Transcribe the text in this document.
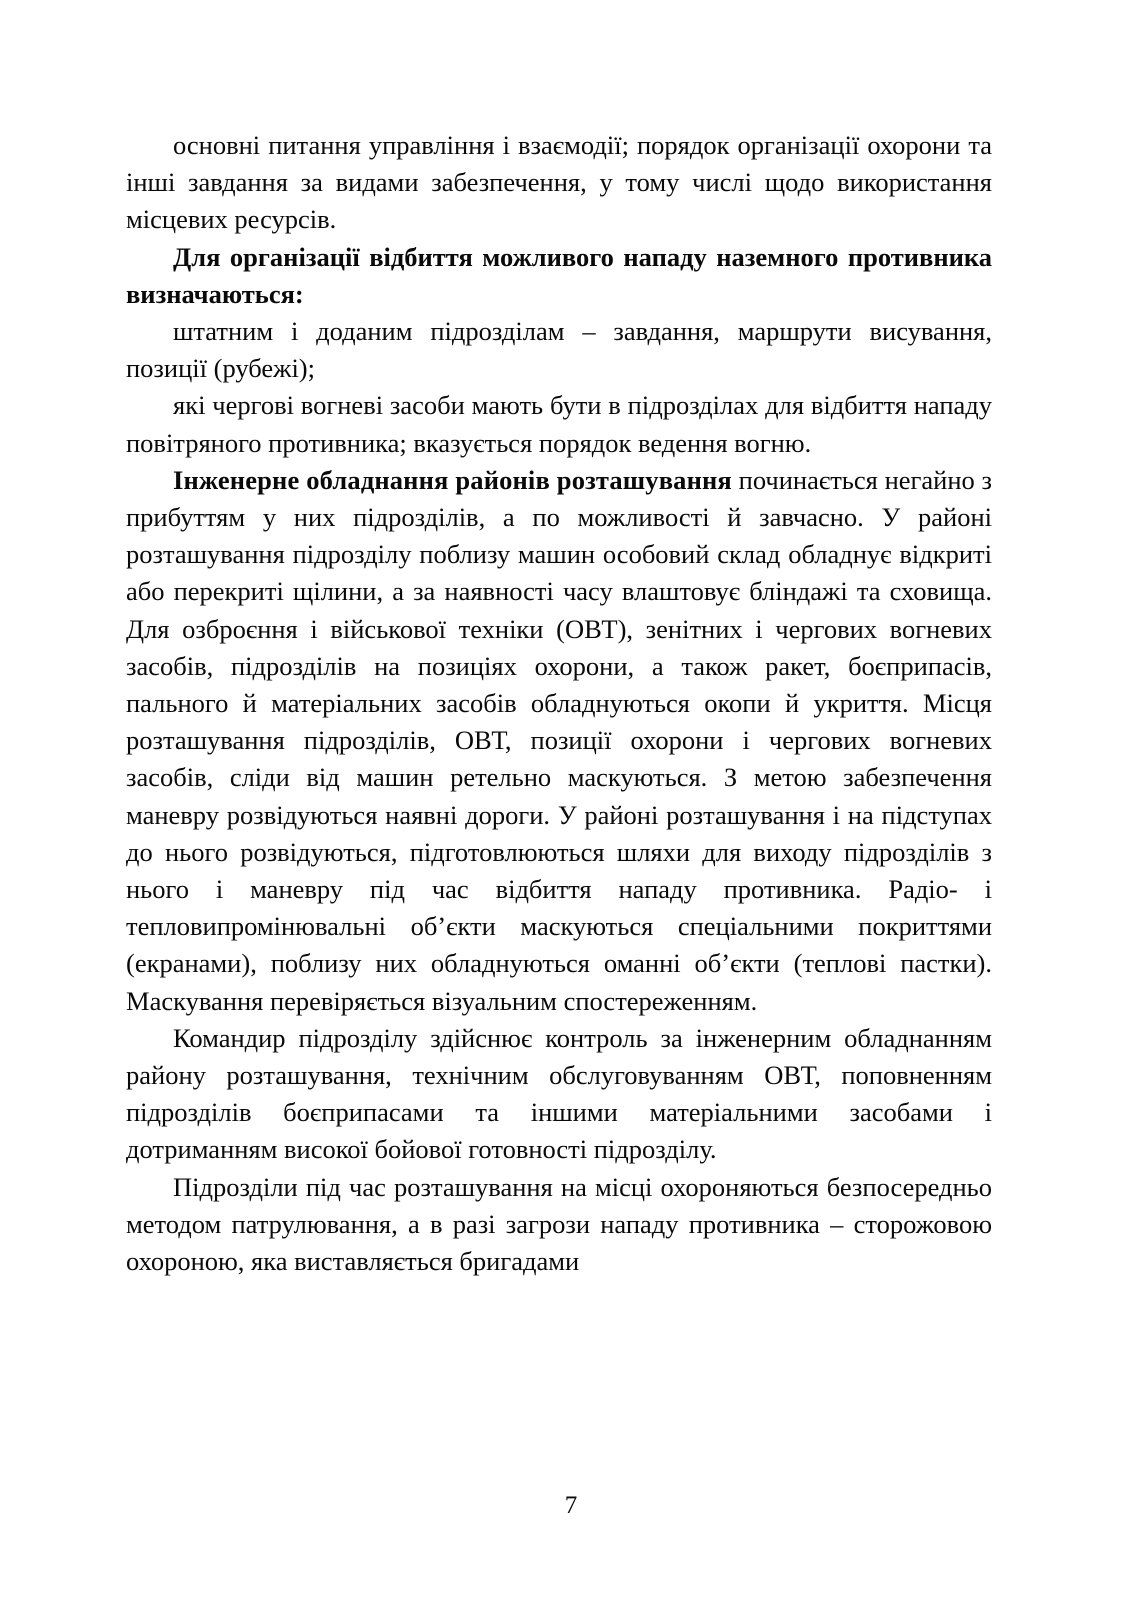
основні питання управління і взаємодії; порядок організації охорони та інші завдання за видами забезпечення, у тому числі щодо використання місцевих ресурсів.

Для організації відбиття можливого нападу наземного противника визначаються:

штатним і доданим підрозділам – завдання, маршрути висування, позиції (рубежі);

які чергові вогневі засоби мають бути в підрозділах для відбиття нападу повітряного противника; вказується порядок ведення вогню.

Інженерне обладнання районів розташування починається негайно з прибуттям у них підрозділів, а по можливості й завчасно. У районі розташування підрозділу поблизу машин особовий склад обладнує відкриті або перекриті щілини, а за наявності часу влаштовує бліндажі та сховища. Для озброєння і військової техніки (ОВТ), зенітних і чергових вогневих засобів, підрозділів на позиціях охорони, а також ракет, боєприпасів, пального й матеріальних засобів обладнуються окопи й укриття. Місця розташування підрозділів, ОВТ, позиції охорони і чергових вогневих засобів, сліди від машин ретельно маскуються. З метою забезпечення маневру розвідуються наявні дороги. У районі розташування і на підступах до нього розвідуються, підготовлюються шляхи для виходу підрозділів з нього і маневру під час відбиття нападу противника. Радіо- і тепловипромінювальні об’єкти маскуються спеціальними покриттями (екранами), поблизу них обладнуються оманні об’єкти (теплові пастки). Маскування перевіряється візуальним спостереженням.

Командир підрозділу здійснює контроль за інженерним обладнанням району розташування, технічним обслуговуванням ОВТ, поповненням підрозділів боєприпасами та іншими матеріальними засобами і дотриманням високої бойової готовності підрозділу.

Підрозділи під час розташування на місці охороняються безпосередньо методом патрулювання, а в разі загрози нападу противника – сторожовою охороною, яка виставляється бригадами

7
